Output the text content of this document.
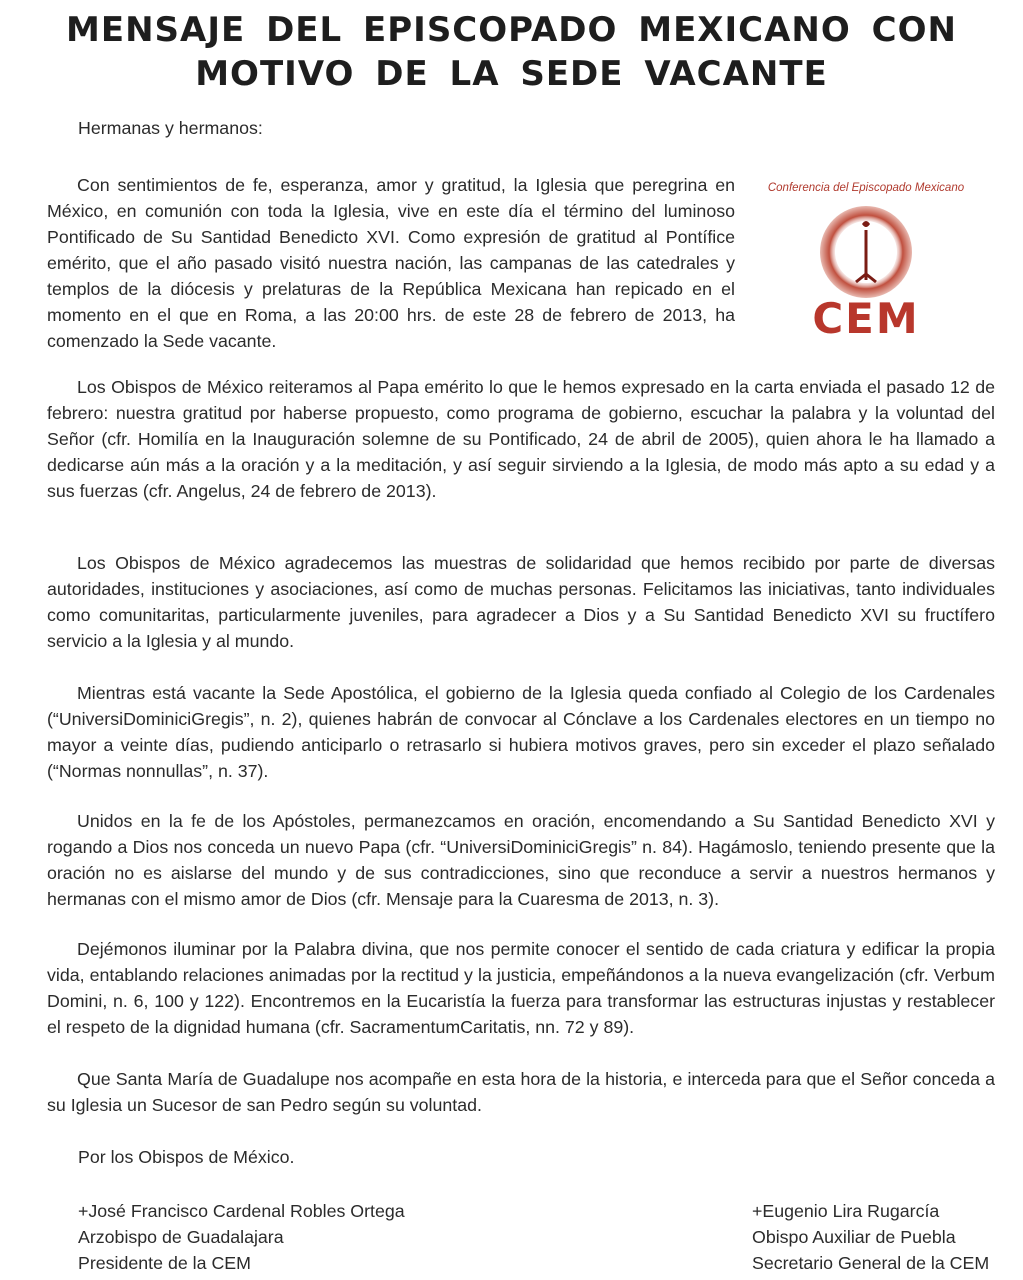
MENSAJE DEL EPISCOPADO MEXICANO CON
MOTIVO DE LA SEDE VACANTE
Hermanas y hermanos:
Conferencia del Episcopado Mexicano
CEM

Con sentimientos de fe, esperanza, amor y gratitud, la Iglesia que peregrina en México, en comunión con toda la Iglesia, vive en este día el término del luminoso Pontificado de Su Santidad Benedicto XVI. Como expresión de gratitud al Pontífice emérito, que el año pasado visitó nuestra nación, las campanas de las catedrales y templos de la diócesis y prelaturas de la República Mexicana han repicado en el momento en el que en Roma, a las 20:00 hrs. de este 28 de febrero de 2013, ha comenzado la Sede vacante.

Los Obispos de México reiteramos al Papa emérito lo que le hemos expresado en la carta enviada el pasado 12 de febrero: nuestra gratitud por haberse propuesto, como programa de gobierno, escuchar la palabra y la voluntad del Señor (cfr. Homilía en la Inauguración solemne de su Pontificado, 24 de abril de 2005), quien ahora le ha llamado a dedicarse aún más a la oración y a la meditación, y así seguir sirviendo a la Iglesia, de modo más apto a su edad y a sus fuerzas (cfr. Angelus, 24 de febrero de 2013).

Los Obispos de México agradecemos las muestras de solidaridad que hemos recibido por parte de diversas autoridades, instituciones y asociaciones, así como de muchas personas. Felicitamos las iniciativas, tanto individuales como comunitaritas, particularmente juveniles, para agradecer a Dios y a Su Santidad Benedicto XVI su fructífero servicio a la Iglesia y al mundo.

Mientras está vacante la Sede Apostólica, el gobierno de la Iglesia queda confiado al Colegio de los Cardenales (“UniversiDominiciGregis”, n. 2), quienes habrán de convocar al Cónclave a los Cardenales electores en un tiempo no mayor a veinte días, pudiendo anticiparlo o retrasarlo si hubiera motivos graves, pero sin exceder el plazo señalado (“Normas nonnullas”, n. 37).

Unidos en la fe de los Apóstoles, permanezcamos en oración, encomendando a Su Santidad Benedicto XVI y rogando a Dios nos conceda un nuevo Papa (cfr. “UniversiDominiciGregis” n. 84). Hagámoslo, teniendo presente que la oración no es aislarse del mundo y de sus contradicciones, sino que reconduce a servir a nuestros hermanos y hermanas con el mismo amor de Dios (cfr. Mensaje para la Cuaresma de 2013, n. 3).

Dejémonos iluminar por la Palabra divina, que nos permite conocer el sentido de cada criatura y edificar la propia vida, entablando relaciones animadas por la rectitud y la justicia, empeñándonos a la nueva evangelización (cfr. Verbum Domini, n. 6, 100 y 122). Encontremos en la Eucaristía la fuerza para transformar las estructuras injustas y restablecer el respeto de la dignidad humana (cfr. SacramentumCaritatis, nn. 72 y 89).

Que Santa María de Guadalupe nos acompañe en esta hora de la historia, e interceda para que el Señor conceda a su Iglesia un Sucesor de san Pedro según su voluntad.

Por los Obispos de México.
+José Francisco Cardenal Robles Ortega
Arzobispo de Guadalajara
Presidente de la CEM
+Eugenio Lira Rugarcía
Obispo Auxiliar de Puebla
Secretario General de la CEM
